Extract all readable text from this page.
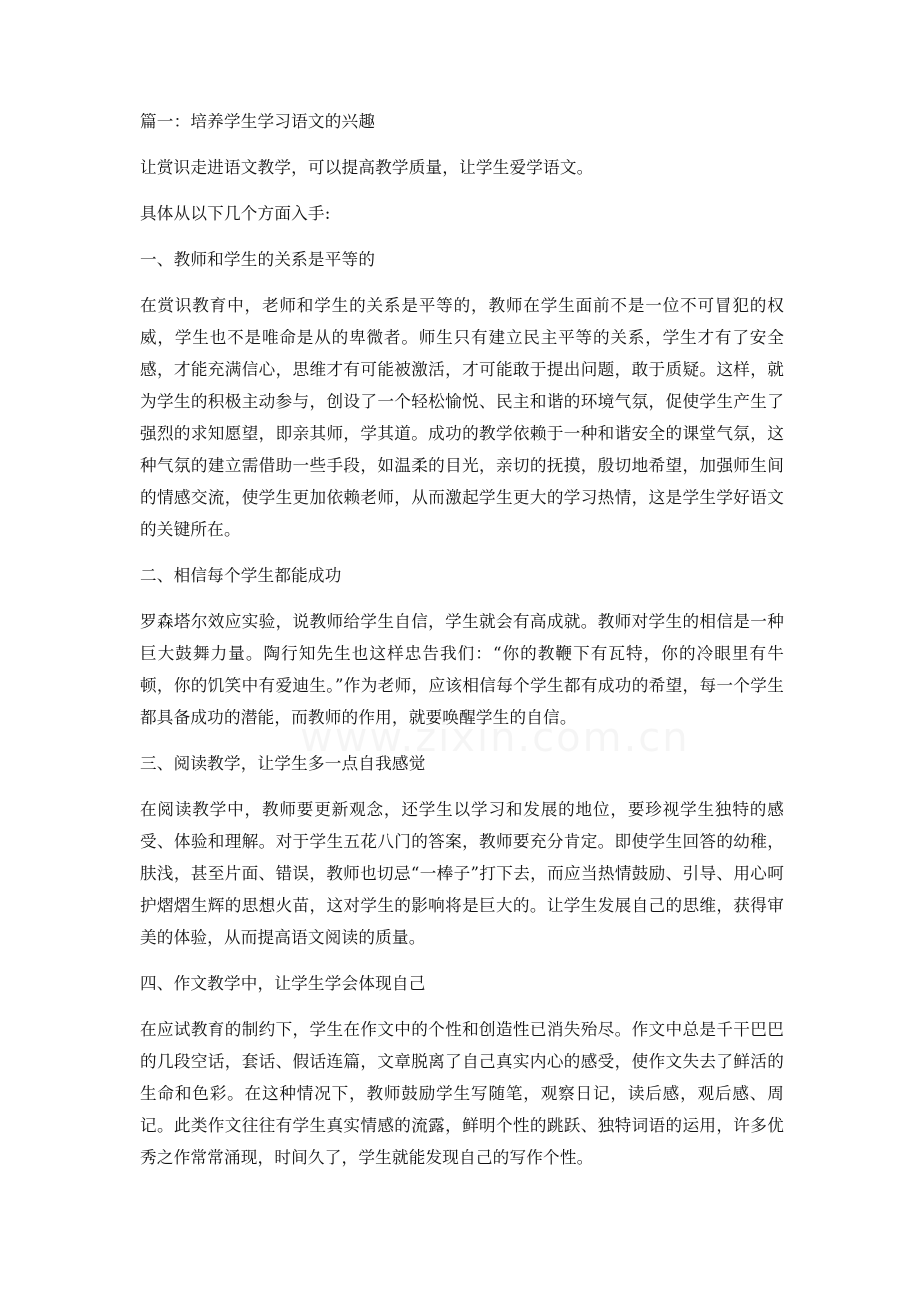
篇一：培养学生学习语文的兴趣

让赏识走进语文教学，可以提高教学质量，让学生爱学语文。

具体从以下几个方面入手:

一、教师和学生的关系是平等的

在赏识教育中，老师和学生的关系是平等的，教师在学生面前不是一位不可冒犯的权威，学生也不是唯命是从的卑微者。师生只有建立民主平等的关系，学生才有了安全感，才能充满信心，思维才有可能被激活，才可能敢于提出问题，敢于质疑。这样，就为学生的积极主动参与，创设了一个轻松愉悦、民主和谐的环境气氛，促使学生产生了强烈的求知愿望，即亲其师，学其道。成功的教学依赖于一种和谐安全的课堂气氛，这种气氛的建立需借助一些手段，如温柔的目光，亲切的抚摸，殷切地希望，加强师生间的情感交流，使学生更加依赖老师，从而激起学生更大的学习热情，这是学生学好语文的关键所在。

二、相信每个学生都能成功

罗森塔尔效应实验，说教师给学生自信，学生就会有高成就。教师对学生的相信是一种巨大鼓舞力量。陶行知先生也这样忠告我们：“你的教鞭下有瓦特，你的冷眼里有牛顿，你的饥笑中有爱迪生。”作为老师，应该相信每个学生都有成功的希望，每一个学生都具备成功的潜能，而教师的作用，就要唤醒学生的自信。

三、阅读教学，让学生多一点自我感觉

在阅读教学中，教师要更新观念，还学生以学习和发展的地位，要珍视学生独特的感受、体验和理解。对于学生五花八门的答案，教师要充分肯定。即使学生回答的幼稚，肤浅，甚至片面、错误，教师也切忌“一棒子”打下去，而应当热情鼓励、引导、用心呵护熠熠生辉的思想火苗，这对学生的影响将是巨大的。让学生发展自己的思维，获得审美的体验，从而提高语文阅读的质量。

四、作文教学中，让学生学会体现自己

在应试教育的制约下，学生在作文中的个性和创造性已消失殆尽。作文中总是千干巴巴的几段空话，套话、假话连篇，文章脱离了自己真实内心的感受，使作文失去了鲜活的生命和色彩。在这种情况下，教师鼓励学生写随笔，观察日记，读后感，观后感、周记。此类作文往往有学生真实情感的流露，鲜明个性的跳跃、独特词语的运用，许多优秀之作常常涌现，时间久了，学生就能发现自己的写作个性。
